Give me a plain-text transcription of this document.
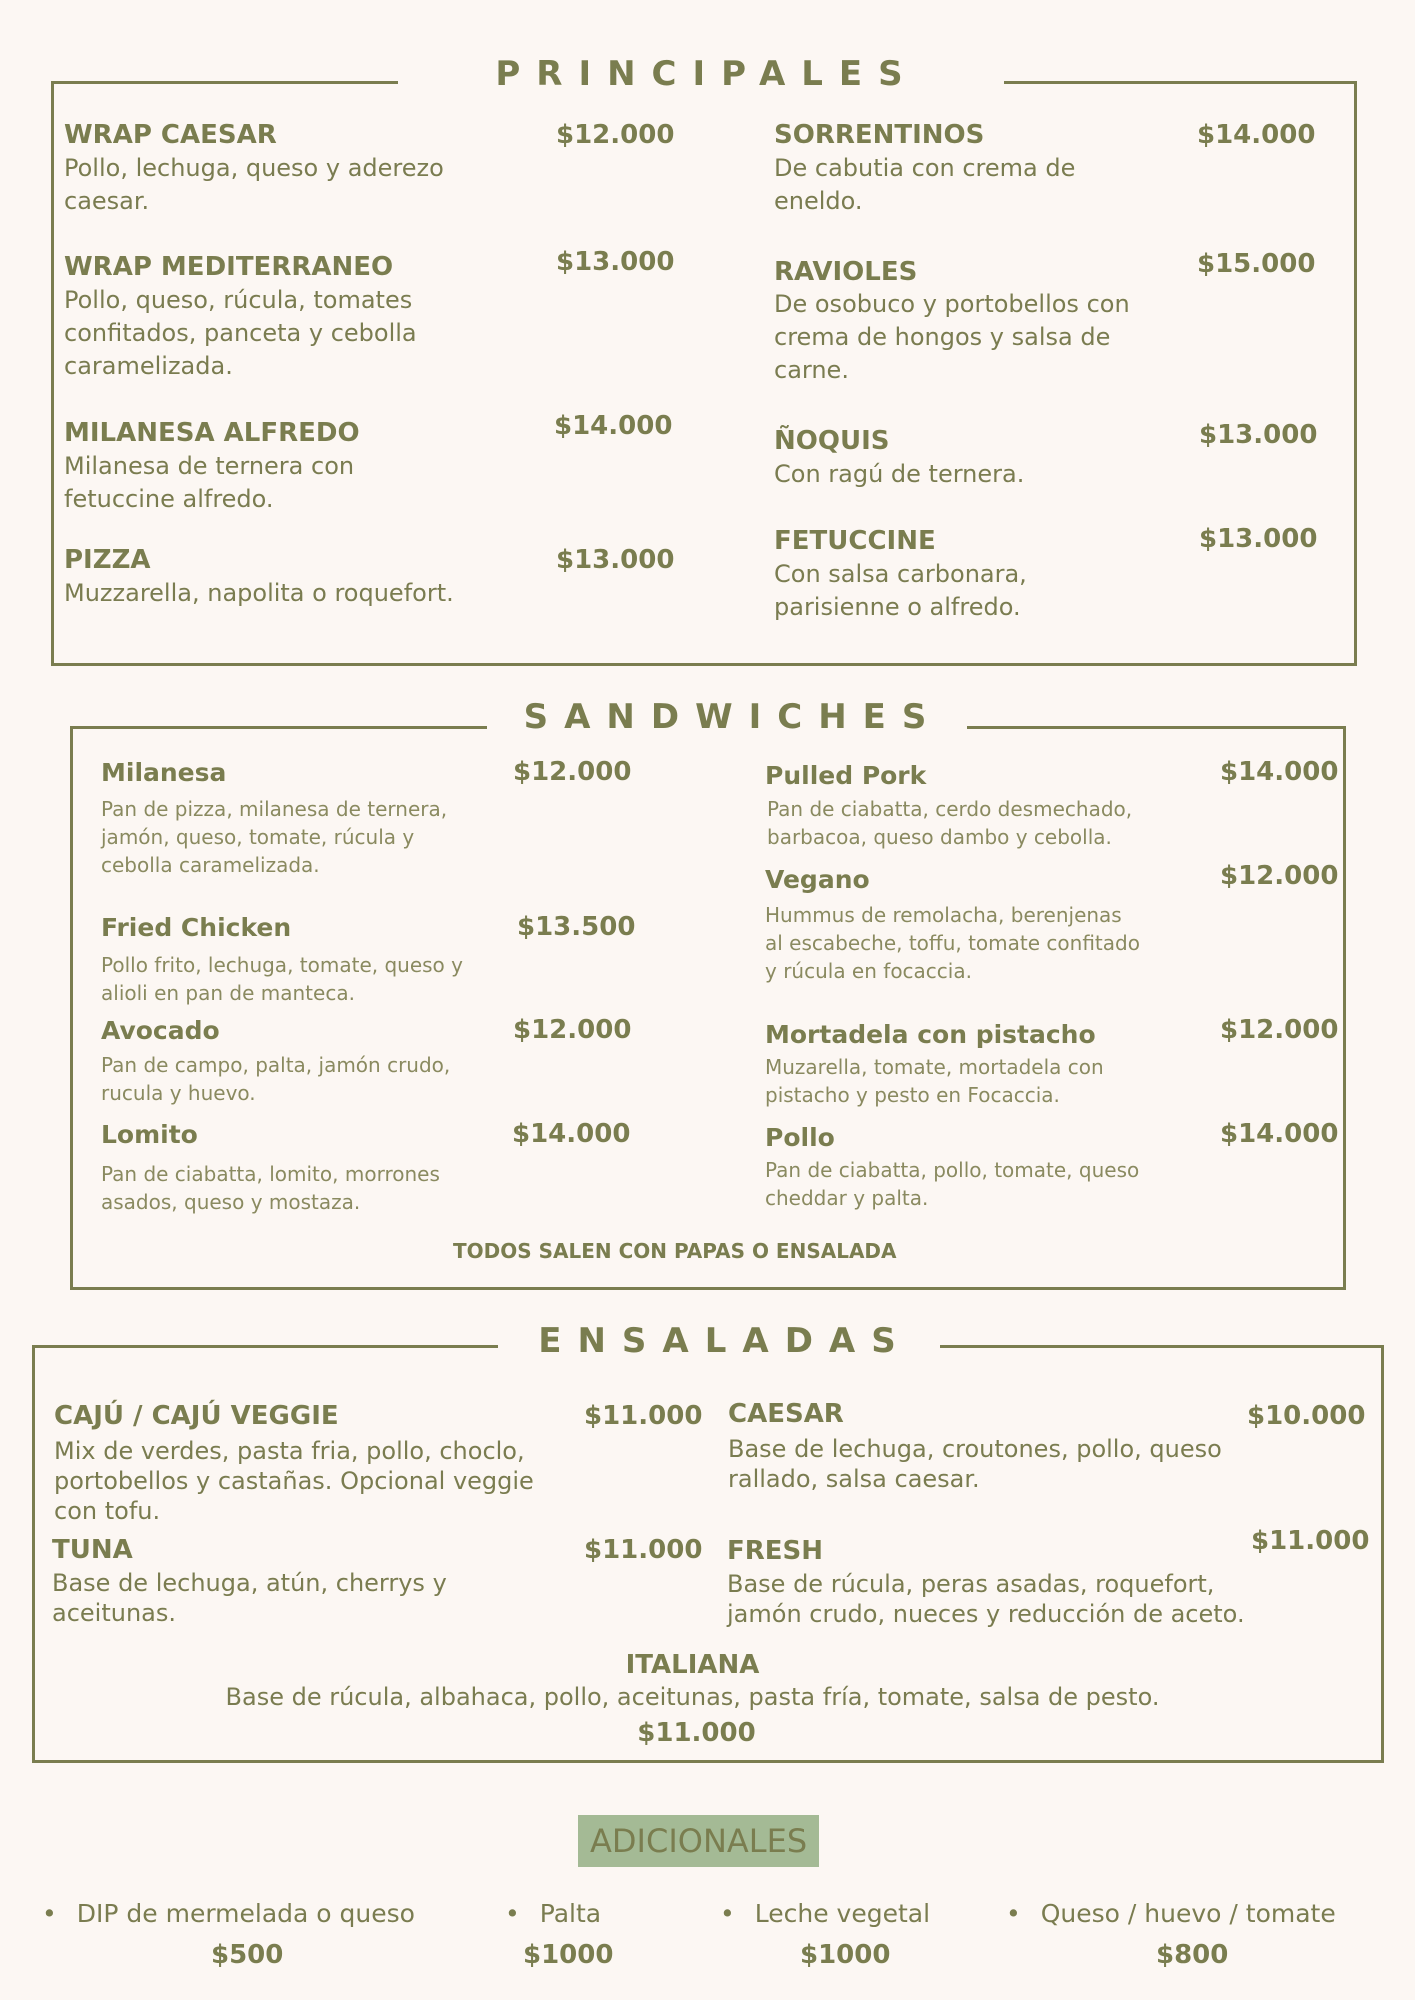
PRINCIPALES
WRAP CAESAR	$12.000
Pollo, lechuga, queso y aderezo caesar.
WRAP MEDITERRANEO	$13.000
Pollo, queso, rúcula, tomates confitados, panceta y cebolla caramelizada.
MILANESA ALFREDO	$14.000
Milanesa de ternera con fetuccine alfredo.
PIZZA	$13.000
Muzzarella, napolita o roquefort.
SORRENTINOS	$14.000
De cabutia con crema de eneldo.
RAVIOLES	$15.000
De osobuco y portobellos con crema de hongos y salsa de carne.
ÑOQUIS	$13.000
Con ragú de ternera.
FETUCCINE	$13.000
Con salsa carbonara, parisienne o alfredo.
SANDWICHES
Milanesa	$12.000
Pan de pizza, milanesa de ternera, jamón, queso, tomate, rúcula y cebolla caramelizada.
Fried Chicken	$13.500
Pollo frito, lechuga, tomate, queso y alioli en pan de manteca.
Avocado	$12.000
Pan de campo, palta, jamón crudo, rucula y huevo.
Lomito	$14.000
Pan de ciabatta, lomito, morrones asados, queso y mostaza.
Pulled Pork	$14.000
Pan de ciabatta, cerdo desmechado, barbacoa, queso dambo y cebolla.
Vegano	$12.000
Hummus de remolacha, berenjenas al escabeche, toffu, tomate confitado y rúcula en focaccia.
Mortadela con pistacho	$12.000
Muzarella, tomate, mortadela con pistacho y pesto en Focaccia.
Pollo	$14.000
Pan de ciabatta, pollo, tomate, queso cheddar y palta.
TODOS SALEN CON PAPAS O ENSALADA
ENSALADAS
CAJÚ / CAJÚ VEGGIE	$11.000
Mix de verdes, pasta fria, pollo, choclo, portobellos y castañas. Opcional veggie con tofu.
TUNA	$11.000
Base de lechuga, atún, cherrys y aceitunas.
CAESAR	$10.000
Base de lechuga, croutones, pollo, queso rallado, salsa caesar.
FRESH	$11.000
Base de rúcula, peras asadas, roquefort, jamón crudo, nueces y reducción de aceto.
ITALIANA
Base de rúcula, albahaca, pollo, aceitunas, pasta fría, tomate, salsa de pesto.
$11.000
ADICIONALES
• DIP de mermelada o queso
$500
• Palta
$1000
• Leche vegetal
$1000
• Queso / huevo / tomate
$800
